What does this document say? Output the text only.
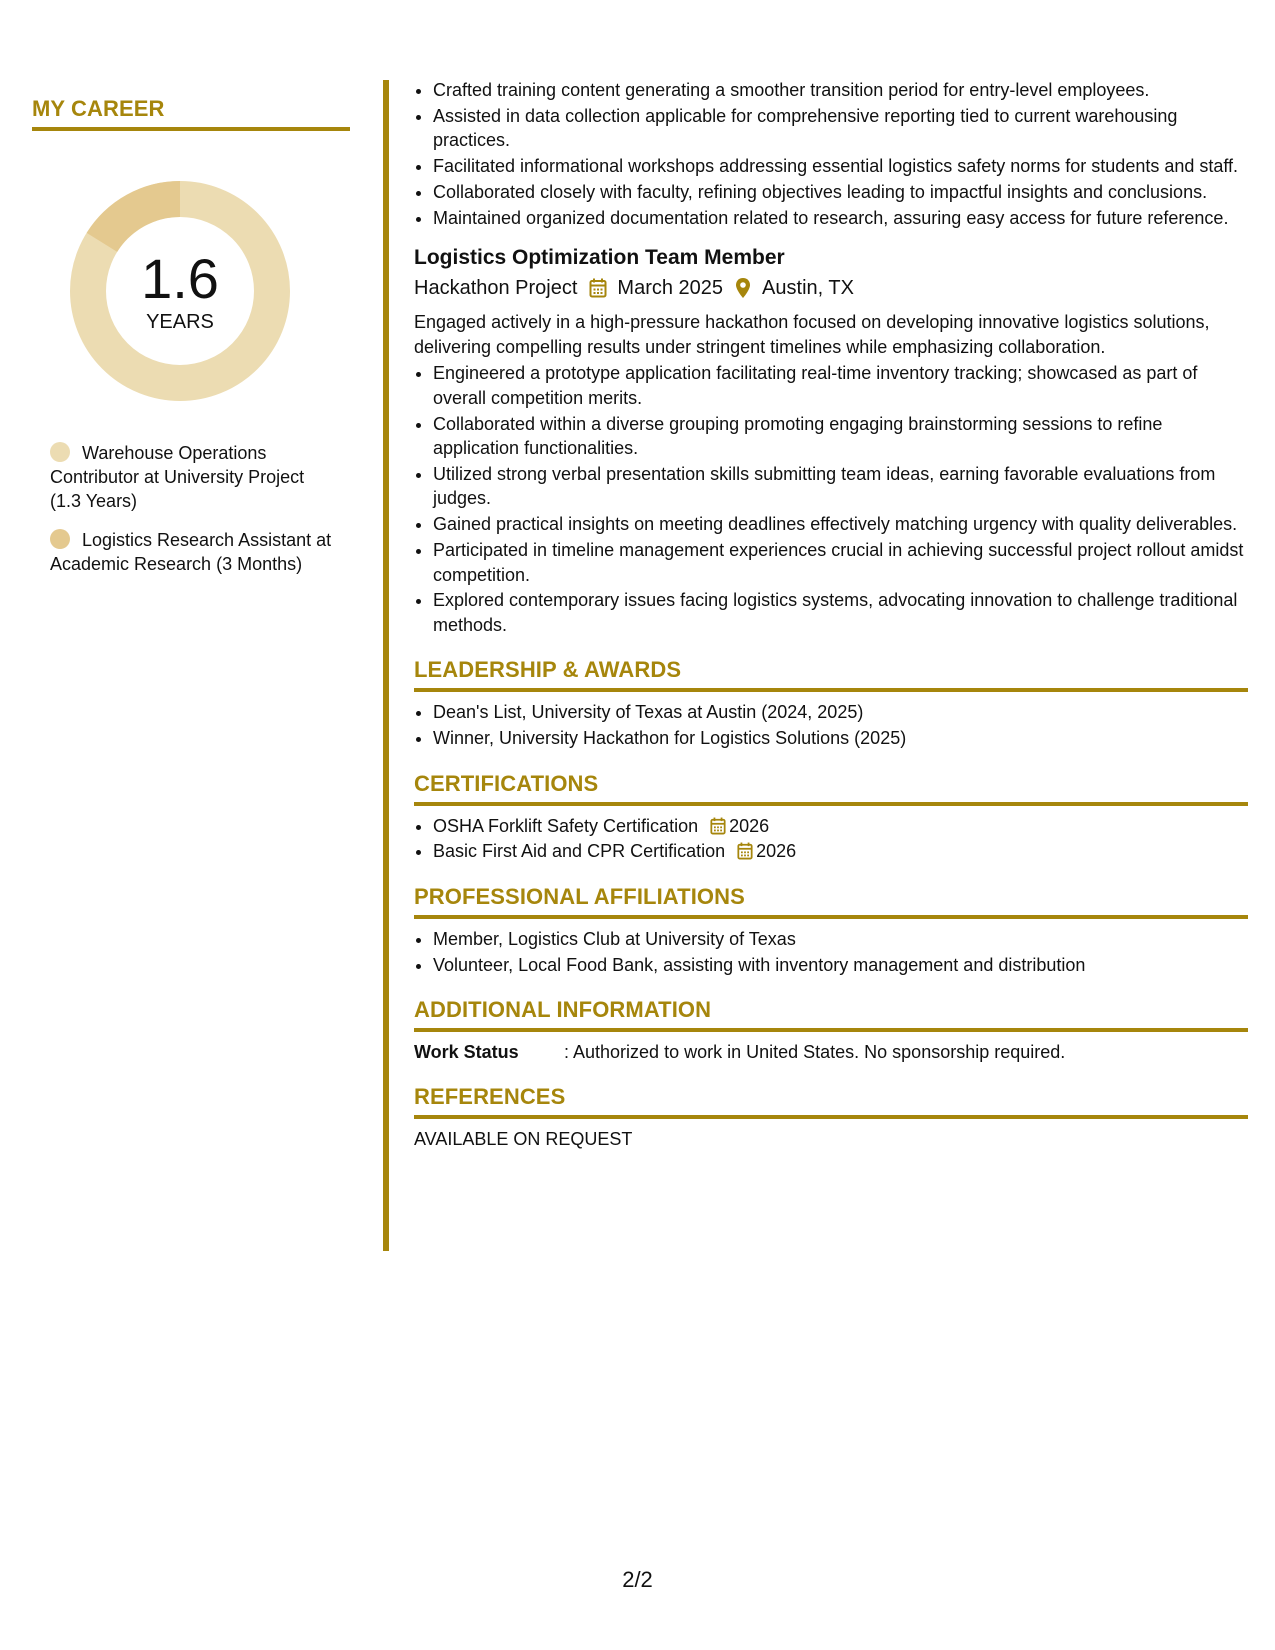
MY CAREER
1.6
YEARS
Warehouse Operations Contributor at University Project (1.3 Years)
Logistics Research Assistant at Academic Research (3 Months)
• Crafted training content generating a smoother transition period for entry-level employees.
• Assisted in data collection applicable for comprehensive reporting tied to current warehousing practices.
• Facilitated informational workshops addressing essential logistics safety norms for students and staff.
• Collaborated closely with faculty, refining objectives leading to impactful insights and conclusions.
• Maintained organized documentation related to research, assuring easy access for future reference.
Logistics Optimization Team Member
Hackathon Project March 2025 Austin, TX

Engaged actively in a high-pressure hackathon focused on developing innovative logistics solutions, delivering compelling results under stringent timelines while emphasizing collaboration.

• Engineered a prototype application facilitating real-time inventory tracking; showcased as part of overall competition merits.
• Collaborated within a diverse grouping promoting engaging brainstorming sessions to refine application functionalities.
• Utilized strong verbal presentation skills submitting team ideas, earning favorable evaluations from judges.
• Gained practical insights on meeting deadlines effectively matching urgency with quality deliverables.
• Participated in timeline management experiences crucial in achieving successful project rollout amidst competition.
• Explored contemporary issues facing logistics systems, advocating innovation to challenge traditional methods.
LEADERSHIP & AWARDS
• Dean's List, University of Texas at Austin (2024, 2025)
• Winner, University Hackathon for Logistics Solutions (2025)
CERTIFICATIONS
• OSHA Forklift Safety Certification 2026
• Basic First Aid and CPR Certification 2026
PROFESSIONAL AFFILIATIONS
• Member, Logistics Club at University of Texas
• Volunteer, Local Food Bank, assisting with inventory management and distribution
ADDITIONAL INFORMATION
Work Status	: Authorized to work in United States. No sponsorship required.
REFERENCES

AVAILABLE ON REQUEST

2/2
